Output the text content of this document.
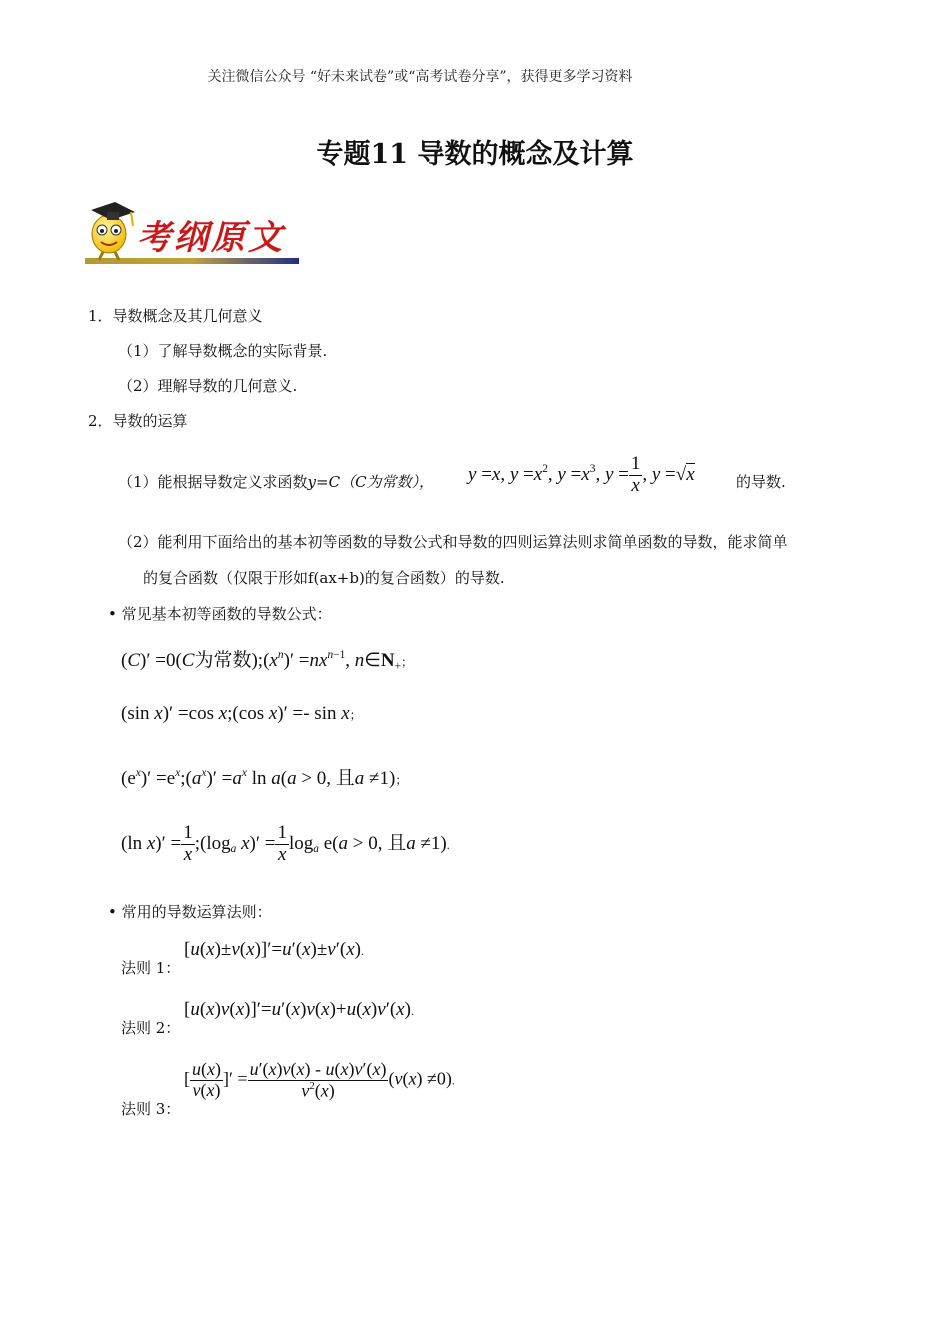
关注微信公众号 “好未来试卷”或“高考试卷分享”，获得更多学习资料
专题11 导数的概念及计算
考纲原文
1．导数概念及其几何意义
（1）了解导数概念的实际背景.
（2）理解导数的几何意义.
2．导数的运算
（1）能根据导数定义求函数y=C（C为常数）， y =x, $y =x^2$, $y =x^3$, $y = \frac{1}{x}$ , y =√x	的导数.
（2）能利用下面给出的基本初等函数的导数公式和导数的四则运算法则求简单函数的导数，能求简单
的复合函数（仅限于形如f(ax+b)的复合函数）的导数.
• 常见基本初等函数的导数公式：
(C)′ =0(C为常数)$;(x^n)' =nx^{n-1}$, $n\in N_+$；
(sin x)′ =cos x;(cos x)′ =- sin x；
$(e^x)'$ $=e^x;(a^x)' =a^x$ ln a(a > 0, 且a ≠1)；
(ln $x)' = \frac{1}{x}$ $;(\log_a$ $x)' = \frac{1}{x} \log_a e(a > 0$, 且a ≠1).
• 常用的导数运算法则：
法则 1：
[u(x)±v(x)]′=u′(x)±v′(x).
法则 2：
[u(x)v(x)]′=u′(x)v(x)+u(x)v′(x).
法则 3：
[ $\frac{u(x)}{v(x)}$ ]′ = $\frac{u'(x)v(x) - u(x)v'(x)}{v^2(x)} (v(x) \ne 0)$.
